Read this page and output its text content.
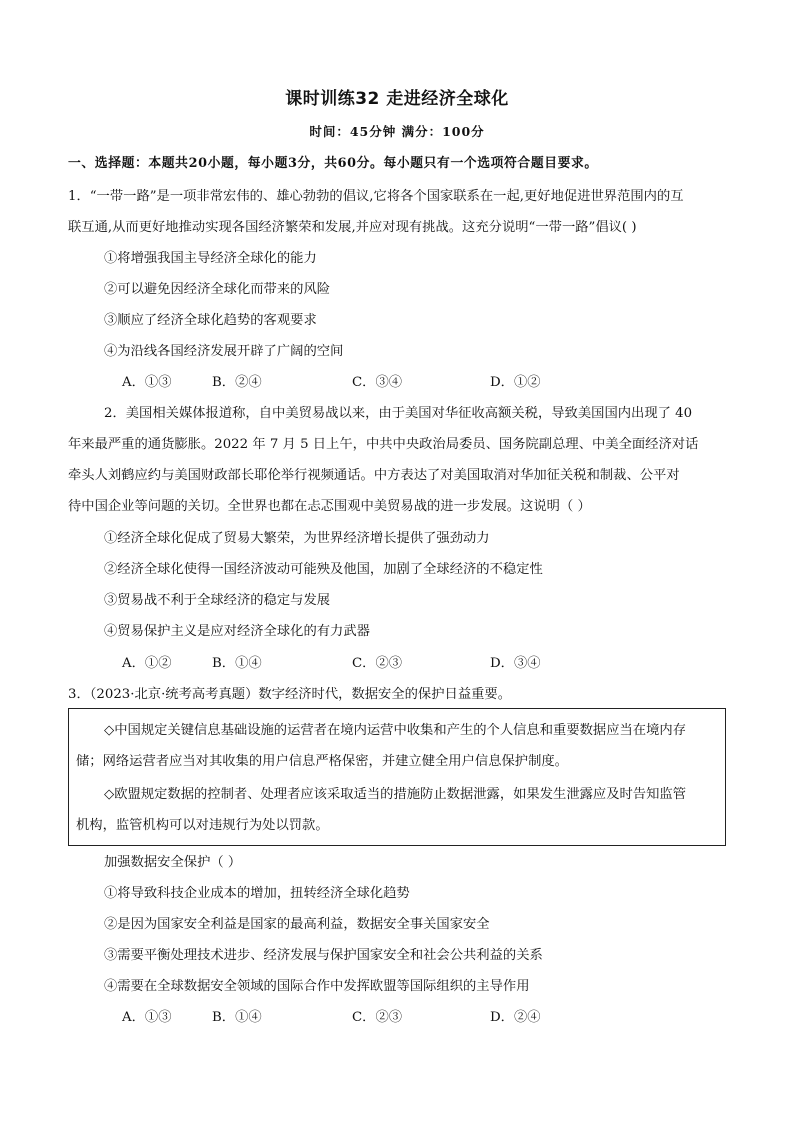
课时训练32 走进经济全球化
时间：45分钟 满分：100分
一、选择题：本题共20小题，每小题3分，共60分。每小题只有一个选项符合题目要求。
1．“一带一路”是一项非常宏伟的、雄心勃勃的倡议,它将各个国家联系在一起,更好地促进世界范围内的互
联互通,从而更好地推动实现各国经济繁荣和发展,并应对现有挑战。这充分说明“一带一路”倡议( )
①将增强我国主导经济全球化的能力
②可以避免因经济全球化而带来的风险
③顺应了经济全球化趋势的客观要求
④为沿线各国经济发展开辟了广阔的空间
A．①③	B．②④	C．③④	D．①②
2．美国相关媒体报道称，自中美贸易战以来，由于美国对华征收高额关税，导致美国国内出现了 40
年来最严重的通货膨胀。2022 年 7 月 5 日上午，中共中央政治局委员、国务院副总理、中美全面经济对话
牵头人刘鹤应约与美国财政部长耶伦举行视频通话。中方表达了对美国取消对华加征关税和制裁、公平对
待中国企业等问题的关切。全世界也都在忐忑围观中美贸易战的进一步发展。这说明（ ）
①经济全球化促成了贸易大繁荣，为世界经济增长提供了强劲动力
②经济全球化使得一国经济波动可能殃及他国，加剧了全球经济的不稳定性
③贸易战不利于全球经济的稳定与发展
④贸易保护主义是应对经济全球化的有力武器
A．①②	B．①④	C．②③	D．③④
3．（2023·北京·统考高考真题）数字经济时代，数据安全的保护日益重要。
◇中国规定关键信息基础设施的运营者在境内运营中收集和产生的个人信息和重要数据应当在境内存
储；网络运营者应当对其收集的用户信息严格保密，并建立健全用户信息保护制度。
◇欧盟规定数据的控制者、处理者应该采取适当的措施防止数据泄露，如果发生泄露应及时告知监管
机构，监管机构可以对违规行为处以罚款。
加强数据安全保护（ ）
①将导致科技企业成本的增加，扭转经济全球化趋势
②是因为国家安全利益是国家的最高利益，数据安全事关国家安全
③需要平衡处理技术进步、经济发展与保护国家安全和社会公共利益的关系
④需要在全球数据安全领域的国际合作中发挥欧盟等国际组织的主导作用
A．①③	B．①④	C．②③	D．②④
